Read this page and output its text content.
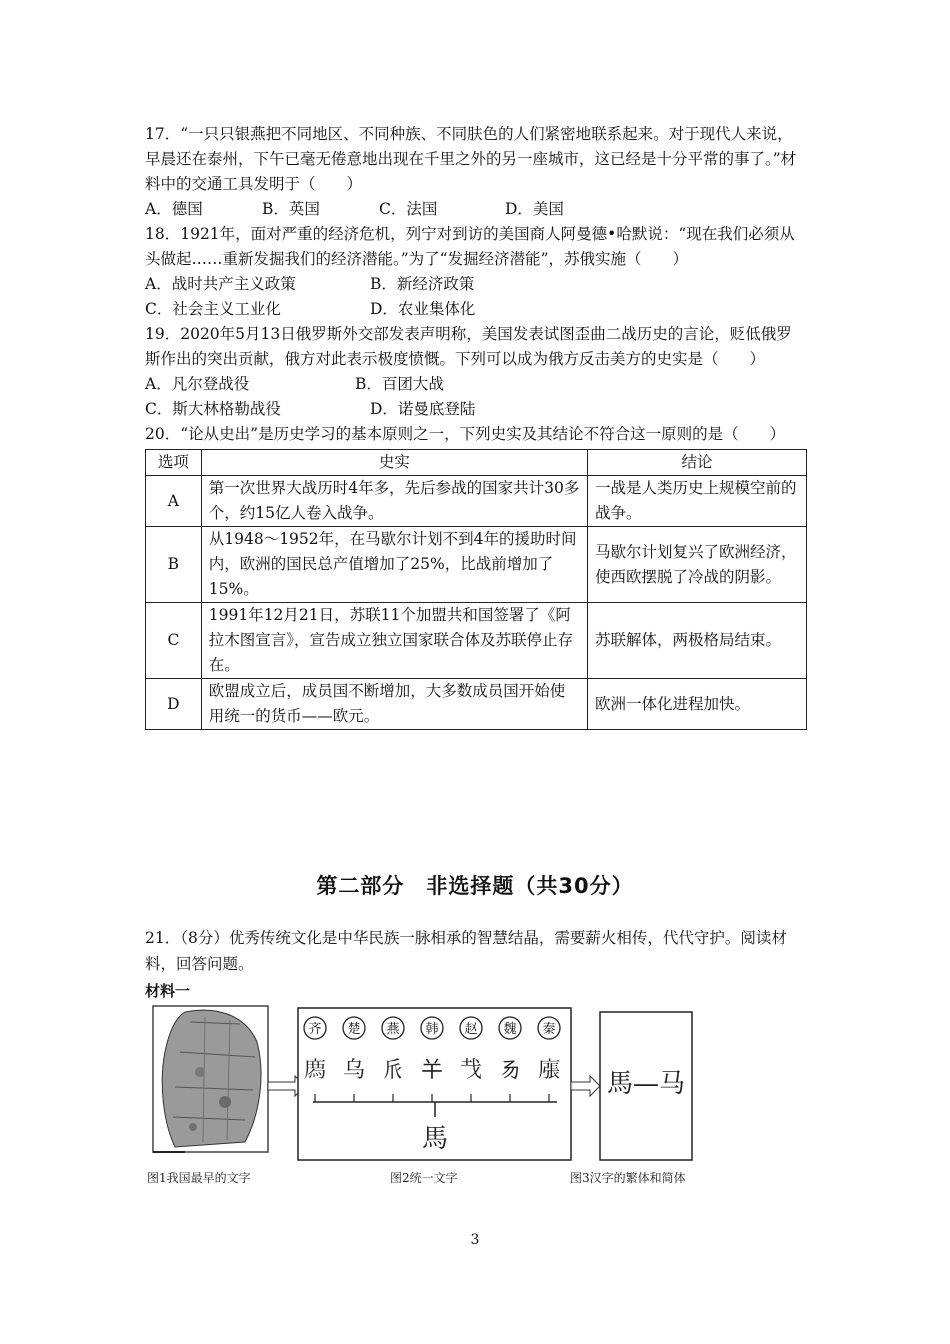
17．“一只只银燕把不同地区、不同种族、不同肤色的人们紧密地联系起来。对于现代人来说，早晨还在泰州，下午已毫无倦意地出现在千里之外的另一座城市，这已经是十分平常的事了。”材料中的交通工具发明于（　　）

A．德国	B．英国	C．法国	D．美国

18．1921年，面对严重的经济危机，列宁对到访的美国商人阿曼德•哈默说：“现在我们必须从头做起……重新发掘我们的经济潜能。”为了“发掘经济潜能”，苏俄实施（　　）

A．战时共产主义政策	B．新经济政策
C．社会主义工业化	D．农业集体化

19．2020年5月13日俄罗斯外交部发表声明称，美国发表试图歪曲二战历史的言论，贬低俄罗斯作出的突出贡献，俄方对此表示极度愤慨。下列可以成为俄方反击美方的史实是（　　）

A．凡尔登战役	B．百团大战
C．斯大林格勒战役	D．诺曼底登陆

20．“论从史出”是历史学习的基本原则之一，下列史实及其结论不符合这一原则的是（　　）

选项	史实	结论
A	第一次世界大战历时4年多，先后参战的国家共计30多个，约15亿人卷入战争。	一战是人类历史上规模空前的战争。
B	从1948～1952年，在马歇尔计划不到4年的援助时间内，欧洲的国民总产值增加了25%，比战前增加了15%。	马歇尔计划复兴了欧洲经济，使西欧摆脱了冷战的阴影。
C	1991年12月21日，苏联11个加盟共和国签署了《阿拉木图宣言》，宣告成立独立国家联合体及苏联停止存在。	苏联解体，两极格局结束。
D	欧盟成立后，成员国不断增加，大多数成员国开始使用统一的货币——欧元。	欧洲一体化进程加快。
第二部分　非选择题（共30分）

21．（8分）优秀传统文化是中华民族一脉相承的智慧结晶，需要薪火相传，代代守护。阅读材料，回答问题。

材料一
齐 楚 燕 韩 赵 魏 秦
𢊁 乌 𠂢 𢆉 𢦏 𠃓 𢊜
馬
馬—马
图1我国最早的文字	图2统一文字	图3汉字的繁体和简体
3
